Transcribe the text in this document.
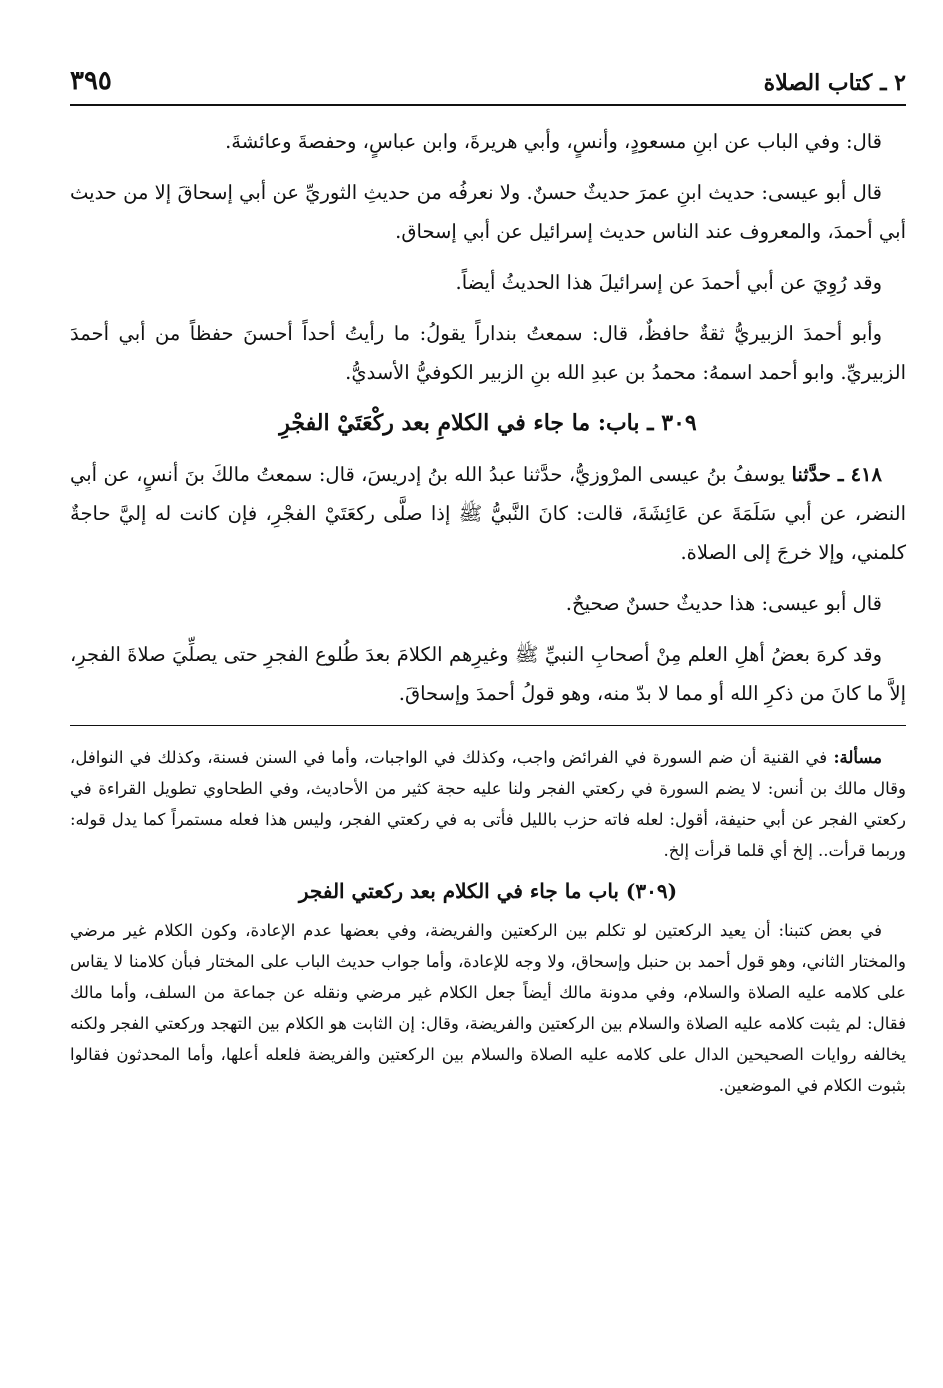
٢ ـ كتاب الصلاة
٣٩٥

قال: وفي الباب عن ابنِ مسعودٍ، وأنسٍ، وأبي هريرةَ، وابن عباسٍ، وحفصةَ وعائشةَ.

قال أبو عيسى: حديث ابنِ عمرَ حديثٌ حسنٌ. ولا نعرفُه من حديثِ الثوريِّ عن أبي إسحاقَ إلا من حديث أبي أحمدَ، والمعروف عند الناس حديث إسرائيل عن أبي إسحاق.

وقد رُوِيَ عن أبي أحمدَ عن إسرائيلَ هذا الحديثُ أيضاً.

وأبو أحمدَ الزبيريُّ ثقةٌ حافظٌ، قال: سمعتُ بنداراً يقولُ: ما رأيتُ أحداً أحسنَ حفظاً من أبي أحمدَ الزبيريِّ. وابو أحمد اسمهُ: محمدُ بن عبدِ الله بنِ الزبير الكوفيُّ الأسديُّ.

٣٠٩ ـ باب: ما جاء في الكلامِ بعد ركْعَتَيْ الفجْرِ

٤١٨ ـ حدَّثنا يوسفُ بنُ عيسى المرْوزيُّ، حدَّثنا عبدُ الله بنُ إدريسَ، قال: سمعتُ مالكَ بنَ أنسٍ، عن أبي النضر، عن أبي سَلَمَةَ عن عَائِشَةَ، قالت: كانَ النَّبيُّ ﷺ إذا صلَّى ركعَتَيْ الفجْرِ، فإن كانت له إليَّ حاجةٌ كلمني، وإلا خرجَ إلى الصلاة.

قال أبو عيسى: هذا حديثٌ حسنٌ صحيحٌ.

وقد كرهَ بعضُ أهلِ العلم مِنْ أصحابِ النبيِّ ﷺ وغيرِهم الكلامَ بعدَ طُلوع الفجرِ حتى يصلِّيَ صلاةَ الفجرِ، إلاَّ ما كانَ من ذكرِ الله أو مما لا بدّ منه، وهو قولُ أحمدَ وإسحاقَ.

مسألة: في القنية أن ضم السورة في الفرائض واجب، وكذلك في الواجبات، وأما في السنن فسنة، وكذلك في النوافل، وقال مالك بن أنس: لا يضم السورة في ركعتي الفجر ولنا عليه حجة كثير من الأحاديث، وفي الطحاوي تطويل القراءة في ركعتي الفجر عن أبي حنيفة، أقول: لعله فاته حزب بالليل فأتى به في ركعتي الفجر، وليس هذا فعله مستمراً كما يدل قوله: وربما قرأت.. إلخ أي قلما قرأت إلخ.

(٣٠٩) باب ما جاء في الكلام بعد ركعتي الفجر

في بعض كتبنا: أن يعيد الركعتين لو تكلم بين الركعتين والفريضة، وفي بعضها عدم الإعادة، وكون الكلام غير مرضي والمختار الثاني، وهو قول أحمد بن حنبل وإسحاق، ولا وجه للإعادة، وأما جواب حديث الباب على المختار فبأن كلامنا لا يقاس على كلامه عليه الصلاة والسلام، وفي مدونة مالك أيضاً جعل الكلام غير مرضي ونقله عن جماعة من السلف، وأما مالك فقال: لم يثبت كلامه عليه الصلاة والسلام بين الركعتين والفريضة، وقال: إن الثابت هو الكلام بين التهجد وركعتي الفجر ولكنه يخالفه روايات الصحيحين الدال على كلامه عليه الصلاة والسلام بين الركعتين والفريضة فلعله أعلها، وأما المحدثون فقالوا بثبوت الكلام في الموضعين.
